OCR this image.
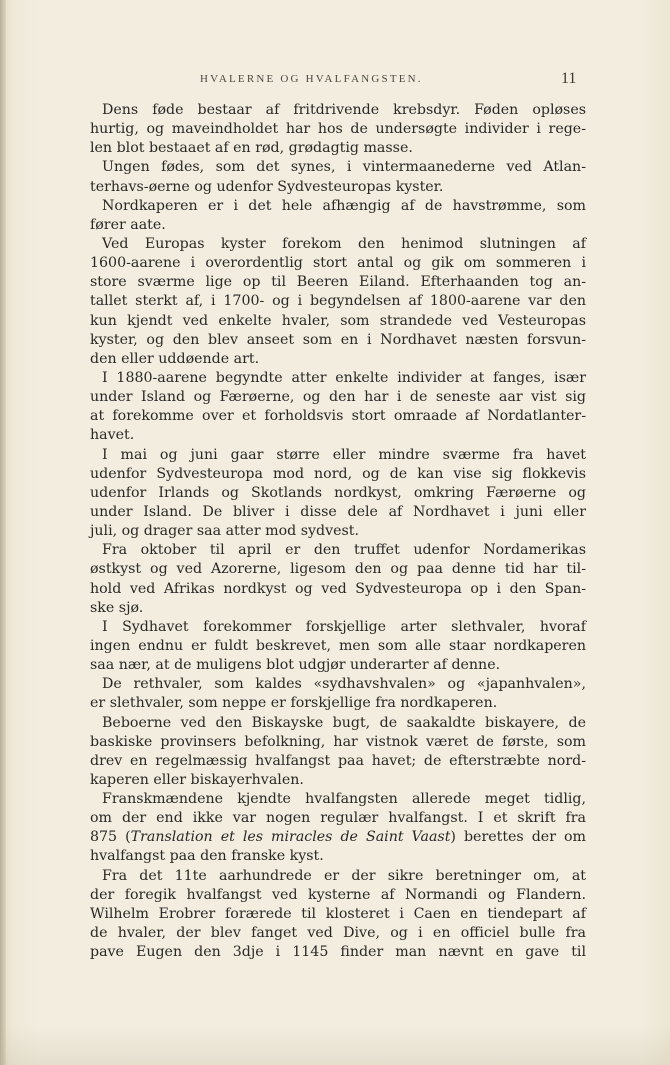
HVALERNE OG HVALFANGSTEN.	11
Dens føde bestaar af fritdrivende krebsdyr. Føden opløses
hurtig, og maveindholdet har hos de undersøgte individer i rege-
len blot bestaaet af en rød, grødagtig masse.
Ungen fødes, som det synes, i vintermaanederne ved Atlan-
terhavs-øerne og udenfor Sydvesteuropas kyster.
Nordkaperen er i det hele afhængig af de havstrømme, som
fører aate.
Ved Europas kyster forekom den henimod slutningen af
1600-aarene i overordentlig stort antal og gik om sommeren i
store sværme lige op til Beeren Eiland. Efterhaanden tog an-
tallet sterkt af, i 1700- og i begyndelsen af 1800-aarene var den
kun kjendt ved enkelte hvaler, som strandede ved Vesteuropas
kyster, og den blev anseet som en i Nordhavet næsten forsvun-
den eller uddøende art.
I 1880-aarene begyndte atter enkelte individer at fanges, især
under Island og Færøerne, og den har i de seneste aar vist sig
at forekomme over et forholdsvis stort omraade af Nordatlanter-
havet.
I mai og juni gaar større eller mindre sværme fra havet
udenfor Sydvesteuropa mod nord, og de kan vise sig flokkevis
udenfor Irlands og Skotlands nordkyst, omkring Færøerne og
under Island. De bliver i disse dele af Nordhavet i juni eller
juli, og drager saa atter mod sydvest.
Fra oktober til april er den truffet udenfor Nordamerikas
østkyst og ved Azorerne, ligesom den og paa denne tid har til-
hold ved Afrikas nordkyst og ved Sydvesteuropa op i den Span-
ske sjø.
I Sydhavet forekommer forskjellige arter slethvaler, hvoraf
ingen endnu er fuldt beskrevet, men som alle staar nordkaperen
saa nær, at de muligens blot udgjør underarter af denne.
De rethvaler, som kaldes «sydhavshvalen» og «japanhvalen»,
er slethvaler, som neppe er forskjellige fra nordkaperen.
Beboerne ved den Biskayske bugt, de saakaldte biskayere, de
baskiske provinsers befolkning, har vistnok været de første, som
drev en regelmæssig hvalfangst paa havet; de efterstræbte nord-
kaperen eller biskayerhvalen.
Franskmændene kjendte hvalfangsten allerede meget tidlig,
om der end ikke var nogen regulær hvalfangst. I et skrift fra
875 (Translation et les miracles de Saint Vaast) berettes der om
hvalfangst paa den franske kyst.
Fra det 11te aarhundrede er der sikre beretninger om, at
der foregik hvalfangst ved kysterne af Normandi og Flandern.
Wilhelm Erobrer forærede til klosteret i Caen en tiendepart af
de hvaler, der blev fanget ved Dive, og i en officiel bulle fra
pave Eugen den 3dje i 1145 finder man nævnt en gave til
